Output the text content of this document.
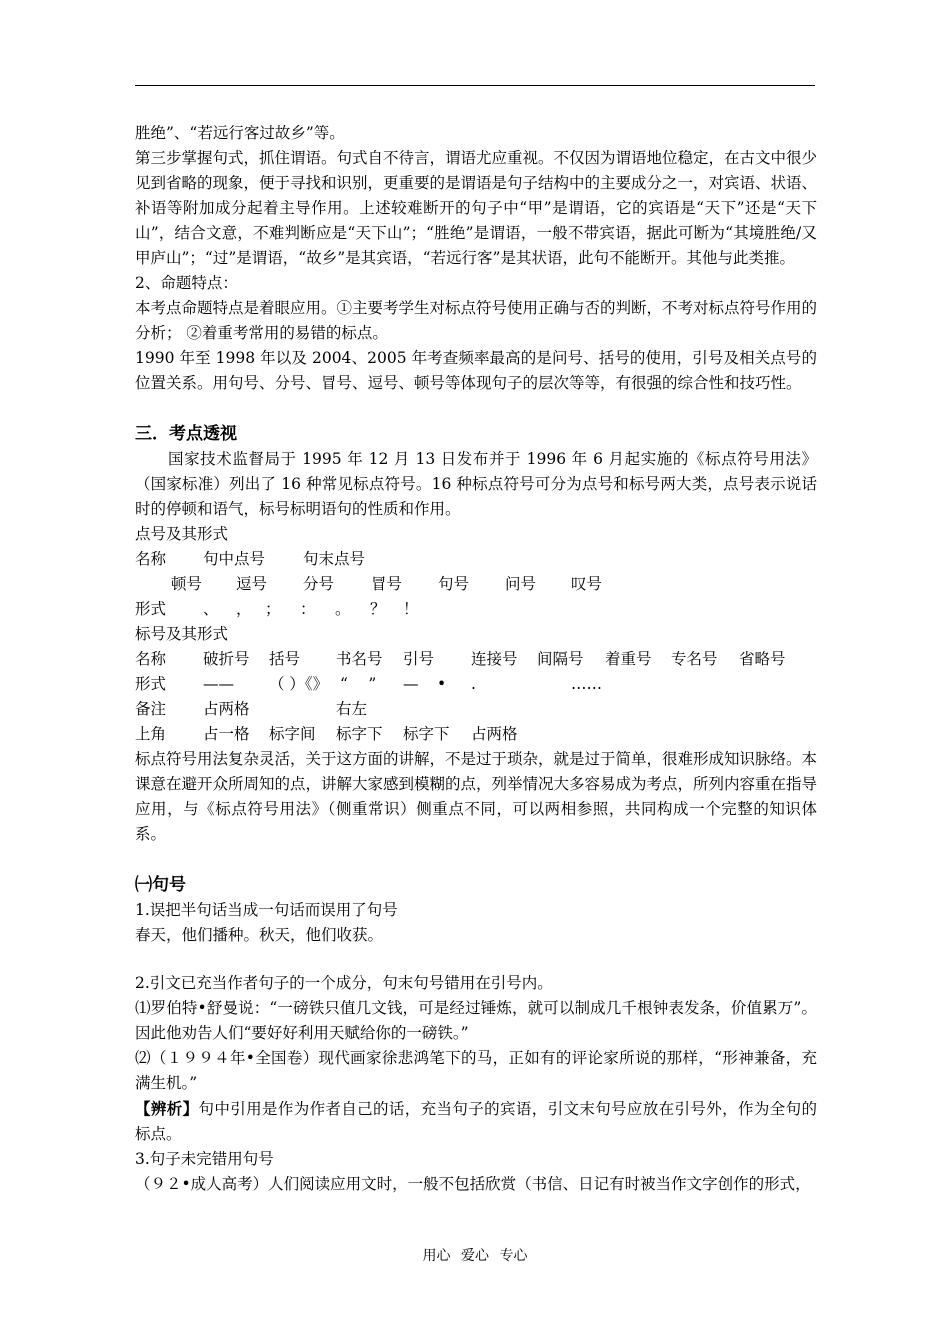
胜绝”、“若远行客过故乡”等。

第三步掌握句式，抓住谓语。句式自不待言，谓语尤应重视。不仅因为谓语地位稳定，在古文中很少见到省略的现象，便于寻找和识别，更重要的是谓语是句子结构中的主要成分之一，对宾语、状语、补语等附加成分起着主导作用。上述较难断开的句子中“甲”是谓语，它的宾语是“天下”还是“天下山”，结合文意，不难判断应是“天下山”；“胜绝”是谓语，一般不带宾语，据此可断为“其境胜绝/又甲庐山”；“过”是谓语，“故乡”是其宾语，“若远行客”是其状语，此句不能断开。其他与此类推。

2、命题特点：

本考点命题特点是着眼应用。①主要考学生对标点符号使用正确与否的判断，不考对标点符号作用的分析； ②着重考常用的易错的标点。

1990 年至 1998 年以及 2004、2005 年考查频率最高的是问号、括号的使用，引号及相关点号的位置关系。用句号、分号、冒号、逗号、顿号等体现句子的层次等等，有很强的综合性和技巧性。

三．考点透视

国家技术监督局于 1995 年 12 月 13 日发布并于 1996 年 6 月起实施的《标点符号用法》（国家标准）列出了 16 种常见标点符号。16 种标点符号可分为点号和标号两大类，点号表示说话时的停顿和语气，标号标明语句的性质和作用。

点号及其形式

名称 句中点号 句末点号
顿号 逗号 分号 冒号 句号 问号 叹号
形式 、 ， ； ： 。 ？ ！

标号及其形式

名称 破折号 括号 书名号 引号 连接号 间隔号 着重号 专名号 省略号
形式 —— （ ）《》 “　 ” — • .	……
备注 占两格	右左
上角 占一格 标字间 标字下 标字下 占两格

标点符号用法复杂灵活，关于这方面的讲解，不是过于琐杂，就是过于简单，很难形成知识脉络。本课意在避开众所周知的点，讲解大家感到模糊的点，列举情况大多容易成为考点，所列内容重在指导应用，与《标点符号用法》（侧重常识）侧重点不同，可以两相参照，共同构成一个完整的知识体系。

㈠句号

1.误把半句话当成一句话而误用了句号

春天，他们播种。秋天，他们收获。

2.引文已充当作者句子的一个成分，句末句号错用在引号内。

⑴罗伯特•舒曼说：“一磅铁只值几文钱，可是经过锤炼，就可以制成几千根钟表发条，价值累万”。因此他劝告人们“要好好利用天赋给你的一磅铁。”

⑵（１９９４年•全国卷）现代画家徐悲鸿笔下的马，正如有的评论家所说的那样，“形神兼备，充满生机。”

【辨析】句中引用是作为作者自己的话，充当句子的宾语，引文末句号应放在引号外，作为全句的标点。

3.句子未完错用句号

（９２•成人高考）人们阅读应用文时，一般不包括欣赏（书信、日记有时被当作文字创作的形式，

用心 爱心 专心
